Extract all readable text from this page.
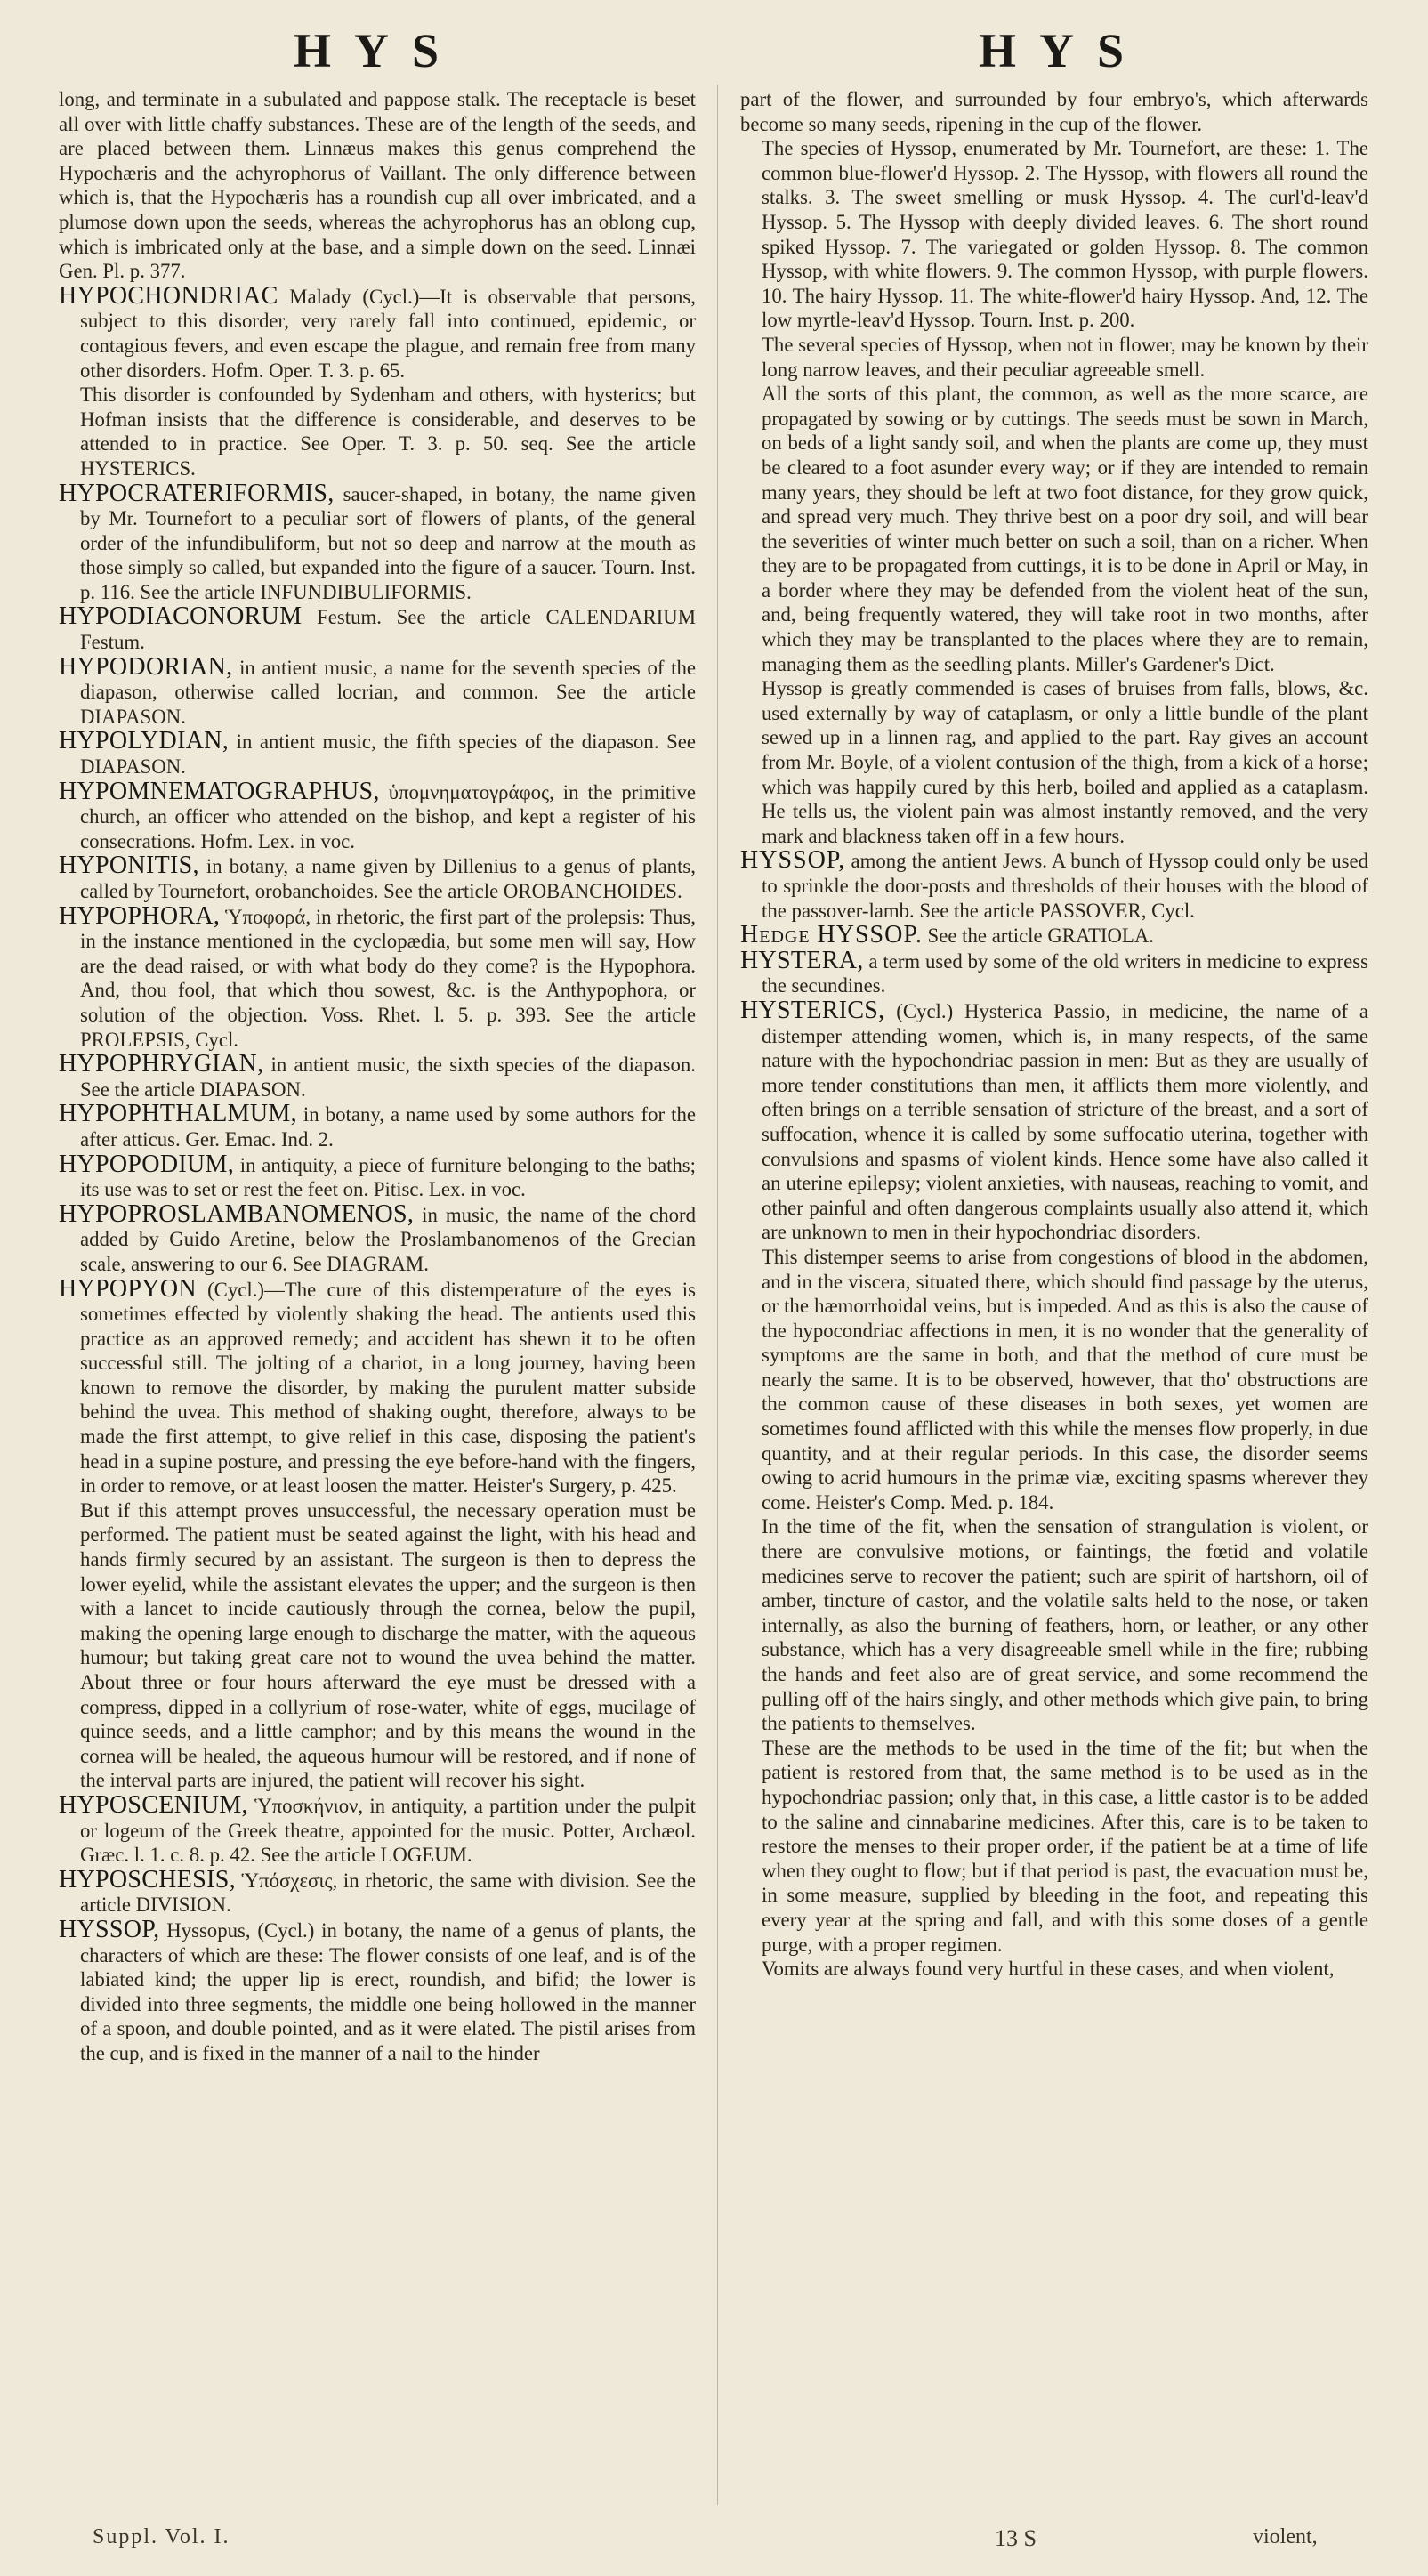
HYS	HYS

long, and terminate in a subulated and pappose stalk. The receptacle is beset all over with little chaffy substances. These are of the length of the seeds, and are placed between them. Linnæus makes this genus comprehend the Hypochæris and the achyrophorus of Vaillant. The only difference between which is, that the Hypochæris has a roundish cup all over imbricated, and a plumose down upon the seeds, whereas the achyrophorus has an oblong cup, which is imbricated only at the base, and a simple down on the seed. Linnæi Gen. Pl. p. 377.

HYPOCHONDRIAC Malady (Cycl.)—It is observable that persons, subject to this disorder, very rarely fall into continued, epidemic, or contagious fevers, and even escape the plague, and remain free from many other disorders. Hofm. Oper. T. 3. p. 65.

This disorder is confounded by Sydenham and others, with hysterics; but Hofman insists that the difference is considerable, and deserves to be attended to in practice. See Oper. T. 3. p. 50. seq. See the article HYSTERICS.

HYPOCRATERIFORMIS, saucer-shaped, in botany, the name given by Mr. Tournefort to a peculiar sort of flowers of plants, of the general order of the infundibuliform, but not so deep and narrow at the mouth as those simply so called, but expanded into the figure of a saucer. Tourn. Inst. p. 116. See the article INFUNDIBULIFORMIS.

HYPODIACONORUM Festum. See the article CALENDARIUM Festum.

HYPODORIAN, in antient music, a name for the seventh species of the diapason, otherwise called locrian, and common. See the article DIAPASON.

HYPOLYDIAN, in antient music, the fifth species of the diapason. See DIAPASON.

HYPOMNEMATOGRAPHUS, ὑπομνηματογράφος, in the primitive church, an officer who attended on the bishop, and kept a register of his consecrations. Hofm. Lex. in voc.

HYPONITIS, in botany, a name given by Dillenius to a genus of plants, called by Tournefort, orobanchoides. See the article OROBANCHOIDES.

HYPOPHORA, Ὑποφορά, in rhetoric, the first part of the prolepsis: Thus, in the instance mentioned in the cyclopædia, but some men will say, How are the dead raised, or with what body do they come? is the Hypophora. And, thou fool, that which thou sowest, &c. is the Anthypophora, or solution of the objection. Voss. Rhet. l. 5. p. 393. See the article PROLEPSIS, Cycl.

HYPOPHRYGIAN, in antient music, the sixth species of the diapason. See the article DIAPASON.

HYPOPHTHALMUM, in botany, a name used by some authors for the after atticus. Ger. Emac. Ind. 2.

HYPOPODIUM, in antiquity, a piece of furniture belonging to the baths; its use was to set or rest the feet on. Pitisc. Lex. in voc.

HYPOPROSLAMBANOMENOS, in music, the name of the chord added by Guido Aretine, below the Proslambanomenos of the Grecian scale, answering to our 6. See DIAGRAM.

HYPOPYON (Cycl.)—The cure of this distemperature of the eyes is sometimes effected by violently shaking the head. The antients used this practice as an approved remedy; and accident has shewn it to be often successful still. The jolting of a chariot, in a long journey, having been known to remove the disorder, by making the purulent matter subside behind the uvea. This method of shaking ought, therefore, always to be made the first attempt, to give relief in this case, disposing the patient's head in a supine posture, and pressing the eye before-hand with the fingers, in order to remove, or at least loosen the matter. Heister's Surgery, p. 425.

But if this attempt proves unsuccessful, the necessary operation must be performed. The patient must be seated against the light, with his head and hands firmly secured by an assistant. The surgeon is then to depress the lower eyelid, while the assistant elevates the upper; and the surgeon is then with a lancet to incide cautiously through the cornea, below the pupil, making the opening large enough to discharge the matter, with the aqueous humour; but taking great care not to wound the uvea behind the matter. About three or four hours afterward the eye must be dressed with a compress, dipped in a collyrium of rose-water, white of eggs, mucilage of quince seeds, and a little camphor; and by this means the wound in the cornea will be healed, the aqueous humour will be restored, and if none of the interval parts are injured, the patient will recover his sight.

HYPOSCENIUM, Ὑποσκήνιον, in antiquity, a partition under the pulpit or logeum of the Greek theatre, appointed for the music. Potter, Archæol. Græc. l. 1. c. 8. p. 42. See the article LOGEUM.

HYPOSCHESIS, Ὑπόσχεσις, in rhetoric, the same with division. See the article DIVISION.

HYSSOP, Hyssopus, (Cycl.) in botany, the name of a genus of plants, the characters of which are these: The flower consists of one leaf, and is of the labiated kind; the upper lip is erect, roundish, and bifid; the lower is divided into three segments, the middle one being hollowed in the manner of a spoon, and double pointed, and as it were elated. The pistil arises from the cup, and is fixed in the manner of a nail to the hinder

part of the flower, and surrounded by four embryo's, which afterwards become so many seeds, ripening in the cup of the flower.

The species of Hyssop, enumerated by Mr. Tournefort, are these: 1. The common blue-flower'd Hyssop. 2. The Hyssop, with flowers all round the stalks. 3. The sweet smelling or musk Hyssop. 4. The curl'd-leav'd Hyssop. 5. The Hyssop with deeply divided leaves. 6. The short round spiked Hyssop. 7. The variegated or golden Hyssop. 8. The common Hyssop, with white flowers. 9. The common Hyssop, with purple flowers. 10. The hairy Hyssop. 11. The white-flower'd hairy Hyssop. And, 12. The low myrtle-leav'd Hyssop. Tourn. Inst. p. 200.

The several species of Hyssop, when not in flower, may be known by their long narrow leaves, and their peculiar agreeable smell.

All the sorts of this plant, the common, as well as the more scarce, are propagated by sowing or by cuttings. The seeds must be sown in March, on beds of a light sandy soil, and when the plants are come up, they must be cleared to a foot asunder every way; or if they are intended to remain many years, they should be left at two foot distance, for they grow quick, and spread very much. They thrive best on a poor dry soil, and will bear the severities of winter much better on such a soil, than on a richer. When they are to be propagated from cuttings, it is to be done in April or May, in a border where they may be defended from the violent heat of the sun, and, being frequently watered, they will take root in two months, after which they may be transplanted to the places where they are to remain, managing them as the seedling plants. Miller's Gardener's Dict.

Hyssop is greatly commended is cases of bruises from falls, blows, &c. used externally by way of cataplasm, or only a little bundle of the plant sewed up in a linnen rag, and applied to the part. Ray gives an account from Mr. Boyle, of a violent contusion of the thigh, from a kick of a horse; which was happily cured by this herb, boiled and applied as a cataplasm. He tells us, the violent pain was almost instantly removed, and the very mark and blackness taken off in a few hours.

HYSSOP, among the antient Jews. A bunch of Hyssop could only be used to sprinkle the door-posts and thresholds of their houses with the blood of the passover-lamb. See the article PASSOVER, Cycl.

Hedge HYSSOP. See the article GRATIOLA.

HYSTERA, a term used by some of the old writers in medicine to express the secundines.

HYSTERICS, (Cycl.) Hysterica Passio, in medicine, the name of a distemper attending women, which is, in many respects, of the same nature with the hypochondriac passion in men: But as they are usually of more tender constitutions than men, it afflicts them more violently, and often brings on a terrible sensation of stricture of the breast, and a sort of suffocation, whence it is called by some suffocatio uterina, together with convulsions and spasms of violent kinds. Hence some have also called it an uterine epilepsy; violent anxieties, with nauseas, reaching to vomit, and other painful and often dangerous complaints usually also attend it, which are unknown to men in their hypochondriac disorders.

This distemper seems to arise from congestions of blood in the abdomen, and in the viscera, situated there, which should find passage by the uterus, or the hæmorrhoidal veins, but is impeded. And as this is also the cause of the hypocondriac affections in men, it is no wonder that the generality of symptoms are the same in both, and that the method of cure must be nearly the same. It is to be observed, however, that tho' obstructions are the common cause of these diseases in both sexes, yet women are sometimes found afflicted with this while the menses flow properly, in due quantity, and at their regular periods. In this case, the disorder seems owing to acrid humours in the primæ viæ, exciting spasms wherever they come. Heister's Comp. Med. p. 184.

In the time of the fit, when the sensation of strangulation is violent, or there are convulsive motions, or faintings, the fœtid and volatile medicines serve to recover the patient; such are spirit of hartshorn, oil of amber, tincture of castor, and the volatile salts held to the nose, or taken internally, as also the burning of feathers, horn, or leather, or any other substance, which has a very disagreeable smell while in the fire; rubbing the hands and feet also are of great service, and some recommend the pulling off of the hairs singly, and other methods which give pain, to bring the patients to themselves.

These are the methods to be used in the time of the fit; but when the patient is restored from that, the same method is to be used as in the hypochondriac passion; only that, in this case, a little castor is to be added to the saline and cinnabarine medicines. After this, care is to be taken to restore the menses to their proper order, if the patient be at a time of life when they ought to flow; but if that period is past, the evacuation must be, in some measure, supplied by bleeding in the foot, and repeating this every year at the spring and fall, and with this some doses of a gentle purge, with a proper regimen.

Vomits are always found very hurtful in these cases, and when violent,

Suppl. Vol. I.	13 S	violent,
